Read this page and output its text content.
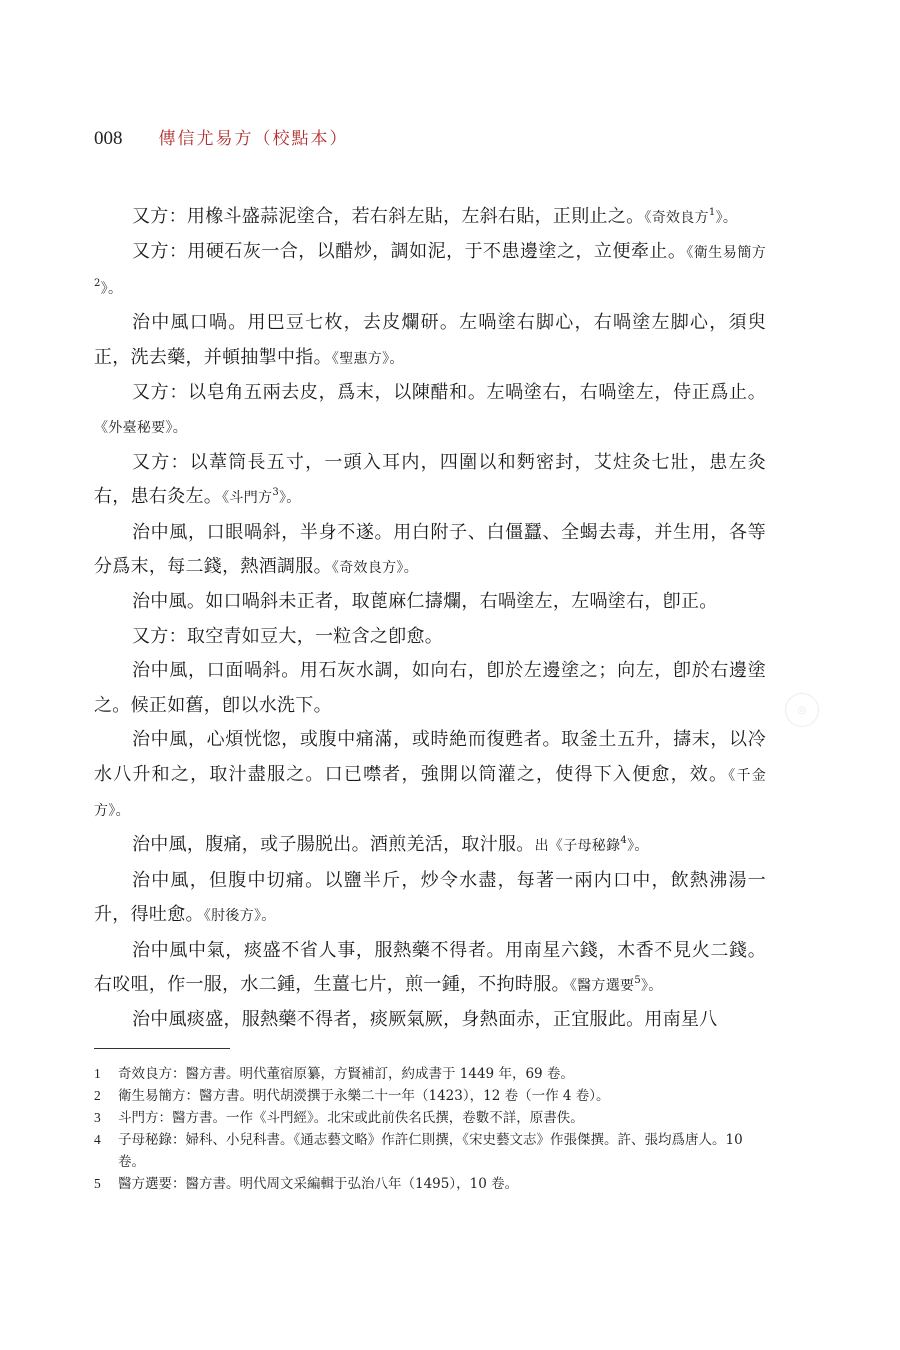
008 傳信尤易方（校點本）

又方：用橡斗盛蒜泥塗合，若右斜左貼，左斜右貼，正則止之。《奇效良方$^1$》。

又方：用硬石灰一合，以醋炒，調如泥，于不患邊塗之，立便牽止。《衛生易簡方$^2$》。

治中風口喎。用巴豆七枚，去皮爛研。左喎塗右脚心，右喎塗左脚心，須臾正，洗去藥，并頓抽掣中指。《聖惠方》。

又方：以皂角五兩去皮，爲末，以陳醋和。左喎塗右，右喎塗左，侍正爲止。《外臺秘要》。

又方：以葦筒長五寸，一頭入耳内，四圍以和麪密封，艾炷灸七壯，患左灸右，患右灸左。《斗門方$^3$》。

治中風，口眼喎斜，半身不遂。用白附子、白僵蠶、全蝎去毒，并生用，各等分爲末，每二錢，熱酒調服。《奇效良方》。

治中風。如口喎斜未正者，取蓖麻仁擣爛，右喎塗左，左喎塗右，卽正。

又方：取空青如豆大，一粒含之卽愈。

治中風，口面喎斜。用石灰水調，如向右，卽於左邊塗之；向左，卽於右邊塗之。候正如舊，卽以水洗下。

治中風，心煩恍惚，或腹中痛滿，或時絶而復甦者。取釜土五升，擣末，以冷水八升和之，取汁盡服之。口已噤者，強開以筒灌之，使得下入便愈，效。《千金方》。

治中風，腹痛，或子腸脱出。酒煎羌活，取汁服。出《子母秘錄$^4$》。

治中風，但腹中切痛。以鹽半斤，炒令水盡，每著一兩内口中，飲熱沸湯一升，得吐愈。《肘後方》。

治中風中氣，痰盛不省人事，服熱藥不得者。用南星六錢，木香不見火二錢。右㕮咀，作一服，水二鍾，生薑七片，煎一鍾，不拘時服。《醫方選要$^5$》。

治中風痰盛，服熱藥不得者，痰厥氣厥，身熱面赤，正宜服此。用南星八

◎
1	奇效良方：醫方書。明代董宿原纂，方賢補訂，約成書于 1449 年，69 卷。
2	衛生易簡方：醫方書。明代胡濙撰于永樂二十一年（1423），12 卷（一作 4 卷）。
3	斗門方：醫方書。一作《斗門經》。北宋或此前佚名氏撰，卷數不詳，原書佚。
4	子母秘錄：婦科、小兒科書。《通志藝文略》作許仁則撰，《宋史藝文志》作張傑撰。許、張均爲唐人。10 卷。
5	醫方選要：醫方書。明代周文采編輯于弘治八年（1495），10 卷。
